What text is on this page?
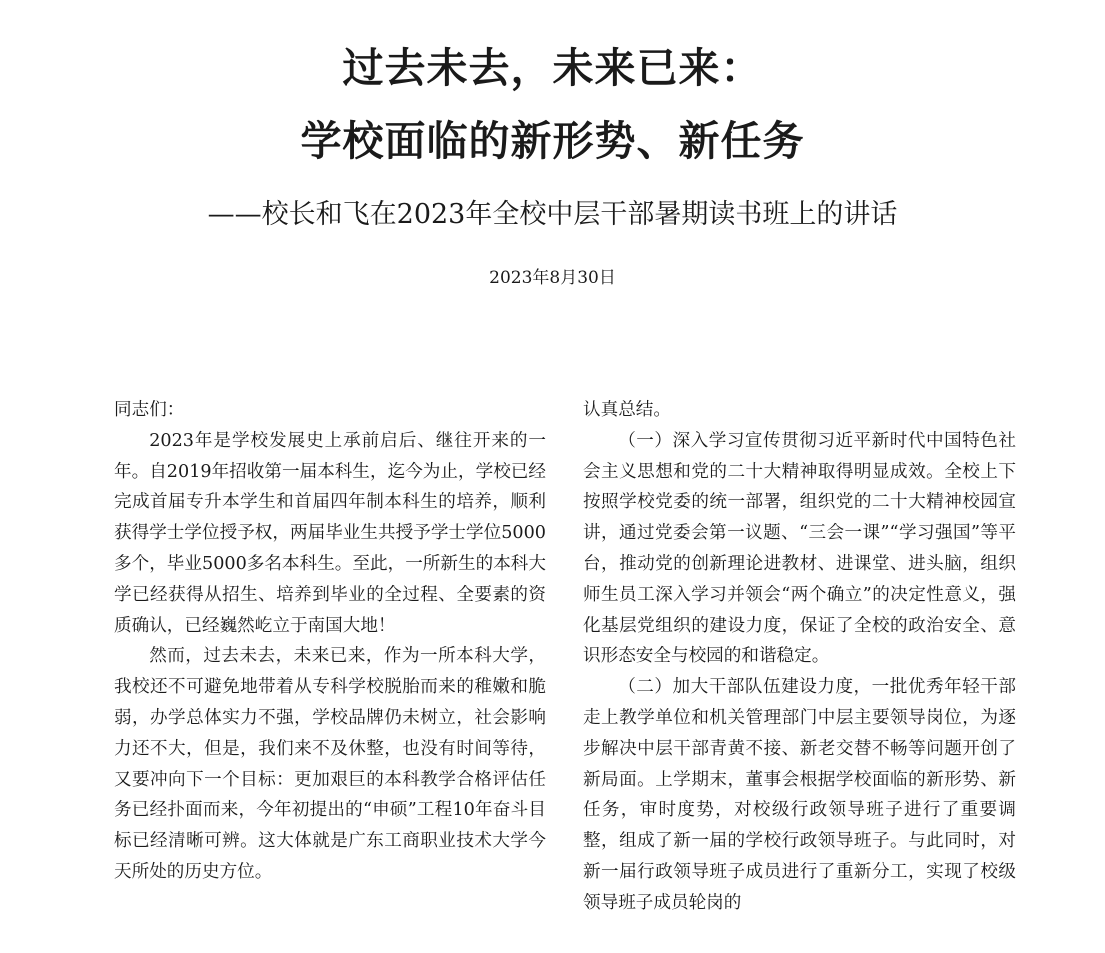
过去未去，未来已来：
学校面临的新形势、新任务
——校长和飞在2023年全校中层干部暑期读书班上的讲话
2023年8月30日

同志们：

2023年是学校发展史上承前启后、继往开来的一年。自2019年招收第一届本科生，迄今为止，学校已经完成首届专升本学生和首届四年制本科生的培养，顺利获得学士学位授予权，两届毕业生共授予学士学位5000多个，毕业5000多名本科生。至此，一所新生的本科大学已经获得从招生、培养到毕业的全过程、全要素的资质确认，已经巍然屹立于南国大地！

然而，过去未去，未来已来，作为一所本科大学，我校还不可避免地带着从专科学校脱胎而来的稚嫩和脆弱，办学总体实力不强，学校品牌仍未树立，社会影响力还不大，但是，我们来不及休整，也没有时间等待，又要冲向下一个目标：更加艰巨的本科教学合格评估任务已经扑面而来，今年初提出的“申硕”工程10年奋斗目标已经清晰可辨。这大体就是广东工商职业技术大学今天所处的历史方位。

认真总结。

（一）深入学习宣传贯彻习近平新时代中国特色社会主义思想和党的二十大精神取得明显成效。全校上下按照学校党委的统一部署，组织党的二十大精神校园宣讲，通过党委会第一议题、“三会一课”“学习强国”等平台，推动党的创新理论进教材、进课堂、进头脑，组织师生员工深入学习并领会“两个确立”的决定性意义，强化基层党组织的建设力度，保证了全校的政治安全、意识形态安全与校园的和谐稳定。

（二）加大干部队伍建设力度，一批优秀年轻干部走上教学单位和机关管理部门中层主要领导岗位，为逐步解决中层干部青黄不接、新老交替不畅等问题开创了新局面。上学期末，董事会根据学校面临的新形势、新任务，审时度势，对校级行政领导班子进行了重要调整，组成了新一届的学校行政领导班子。与此同时，对新一届行政领导班子成员进行了重新分工，实现了校级领导班子成员轮岗的
